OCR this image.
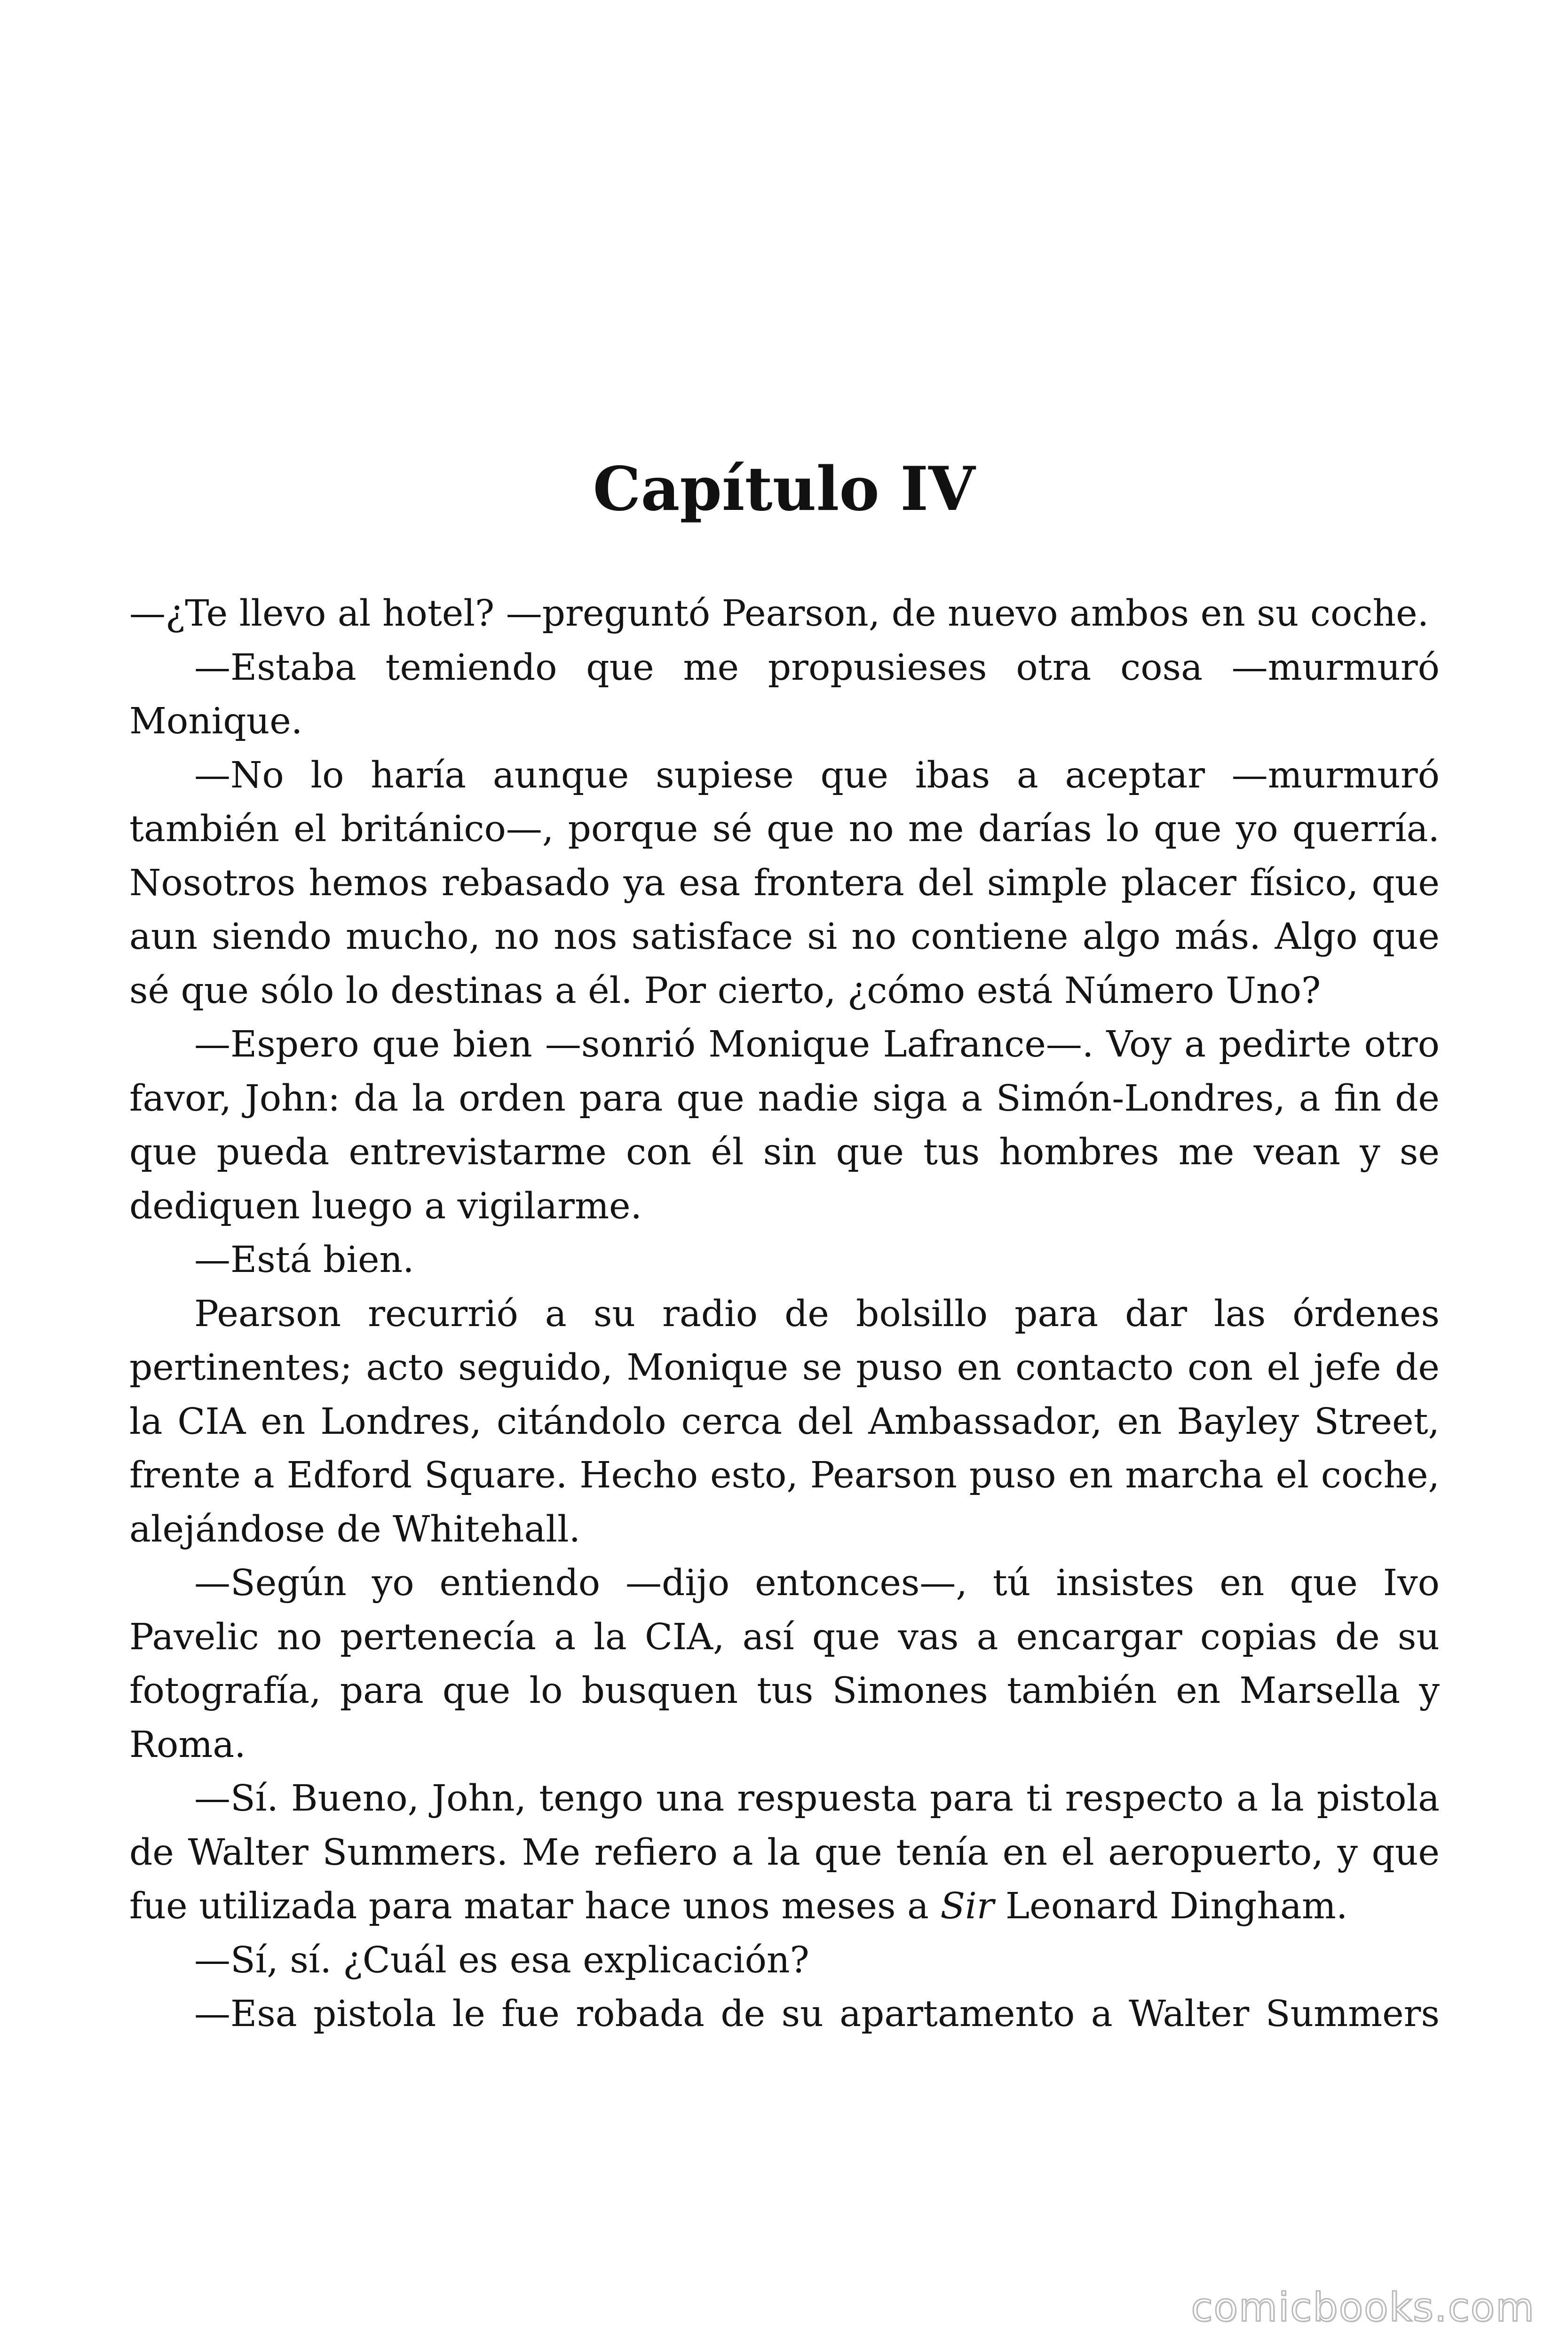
Capítulo IV

—¿Te llevo al hotel? —preguntó Pearson, de nuevo ambos en su coche.

—Estaba temiendo que me propusieses otra cosa —murmuró Monique.

—No lo haría aunque supiese que ibas a aceptar —murmuró también el británico—, porque sé que no me darías lo que yo querría. Nosotros hemos rebasado ya esa frontera del simple placer físico, que aun siendo mucho, no nos satisface si no contiene algo más. Algo que sé que sólo lo destinas a él. Por cierto, ¿cómo está Número Uno?

—Espero que bien —sonrió Monique Lafrance—. Voy a pedirte otro favor, John: da la orden para que nadie siga a Simón-Londres, a fin de que pueda entrevistarme con él sin que tus hombres me vean y se dediquen luego a vigilarme.

—Está bien.

Pearson recurrió a su radio de bolsillo para dar las órdenes pertinentes; acto seguido, Monique se puso en contacto con el jefe de la CIA en Londres, citándolo cerca del Ambassador, en Bayley Street, frente a Edford Square. Hecho esto, Pearson puso en marcha el coche, alejándose de Whitehall.

—Según yo entiendo —dijo entonces—, tú insistes en que Ivo Pavelic no pertenecía a la CIA, así que vas a encargar copias de su fotografía, para que lo busquen tus Simones también en Marsella y Roma.

—Sí. Bueno, John, tengo una respuesta para ti respecto a la pistola de Walter Summers. Me refiero a la que tenía en el aeropuerto, y que fue utilizada para matar hace unos meses a Sir Leonard Dingham.

—Sí, sí. ¿Cuál es esa explicación?

—Esa pistola le fue robada de su apartamento a Walter Summers

comicbooks.com
